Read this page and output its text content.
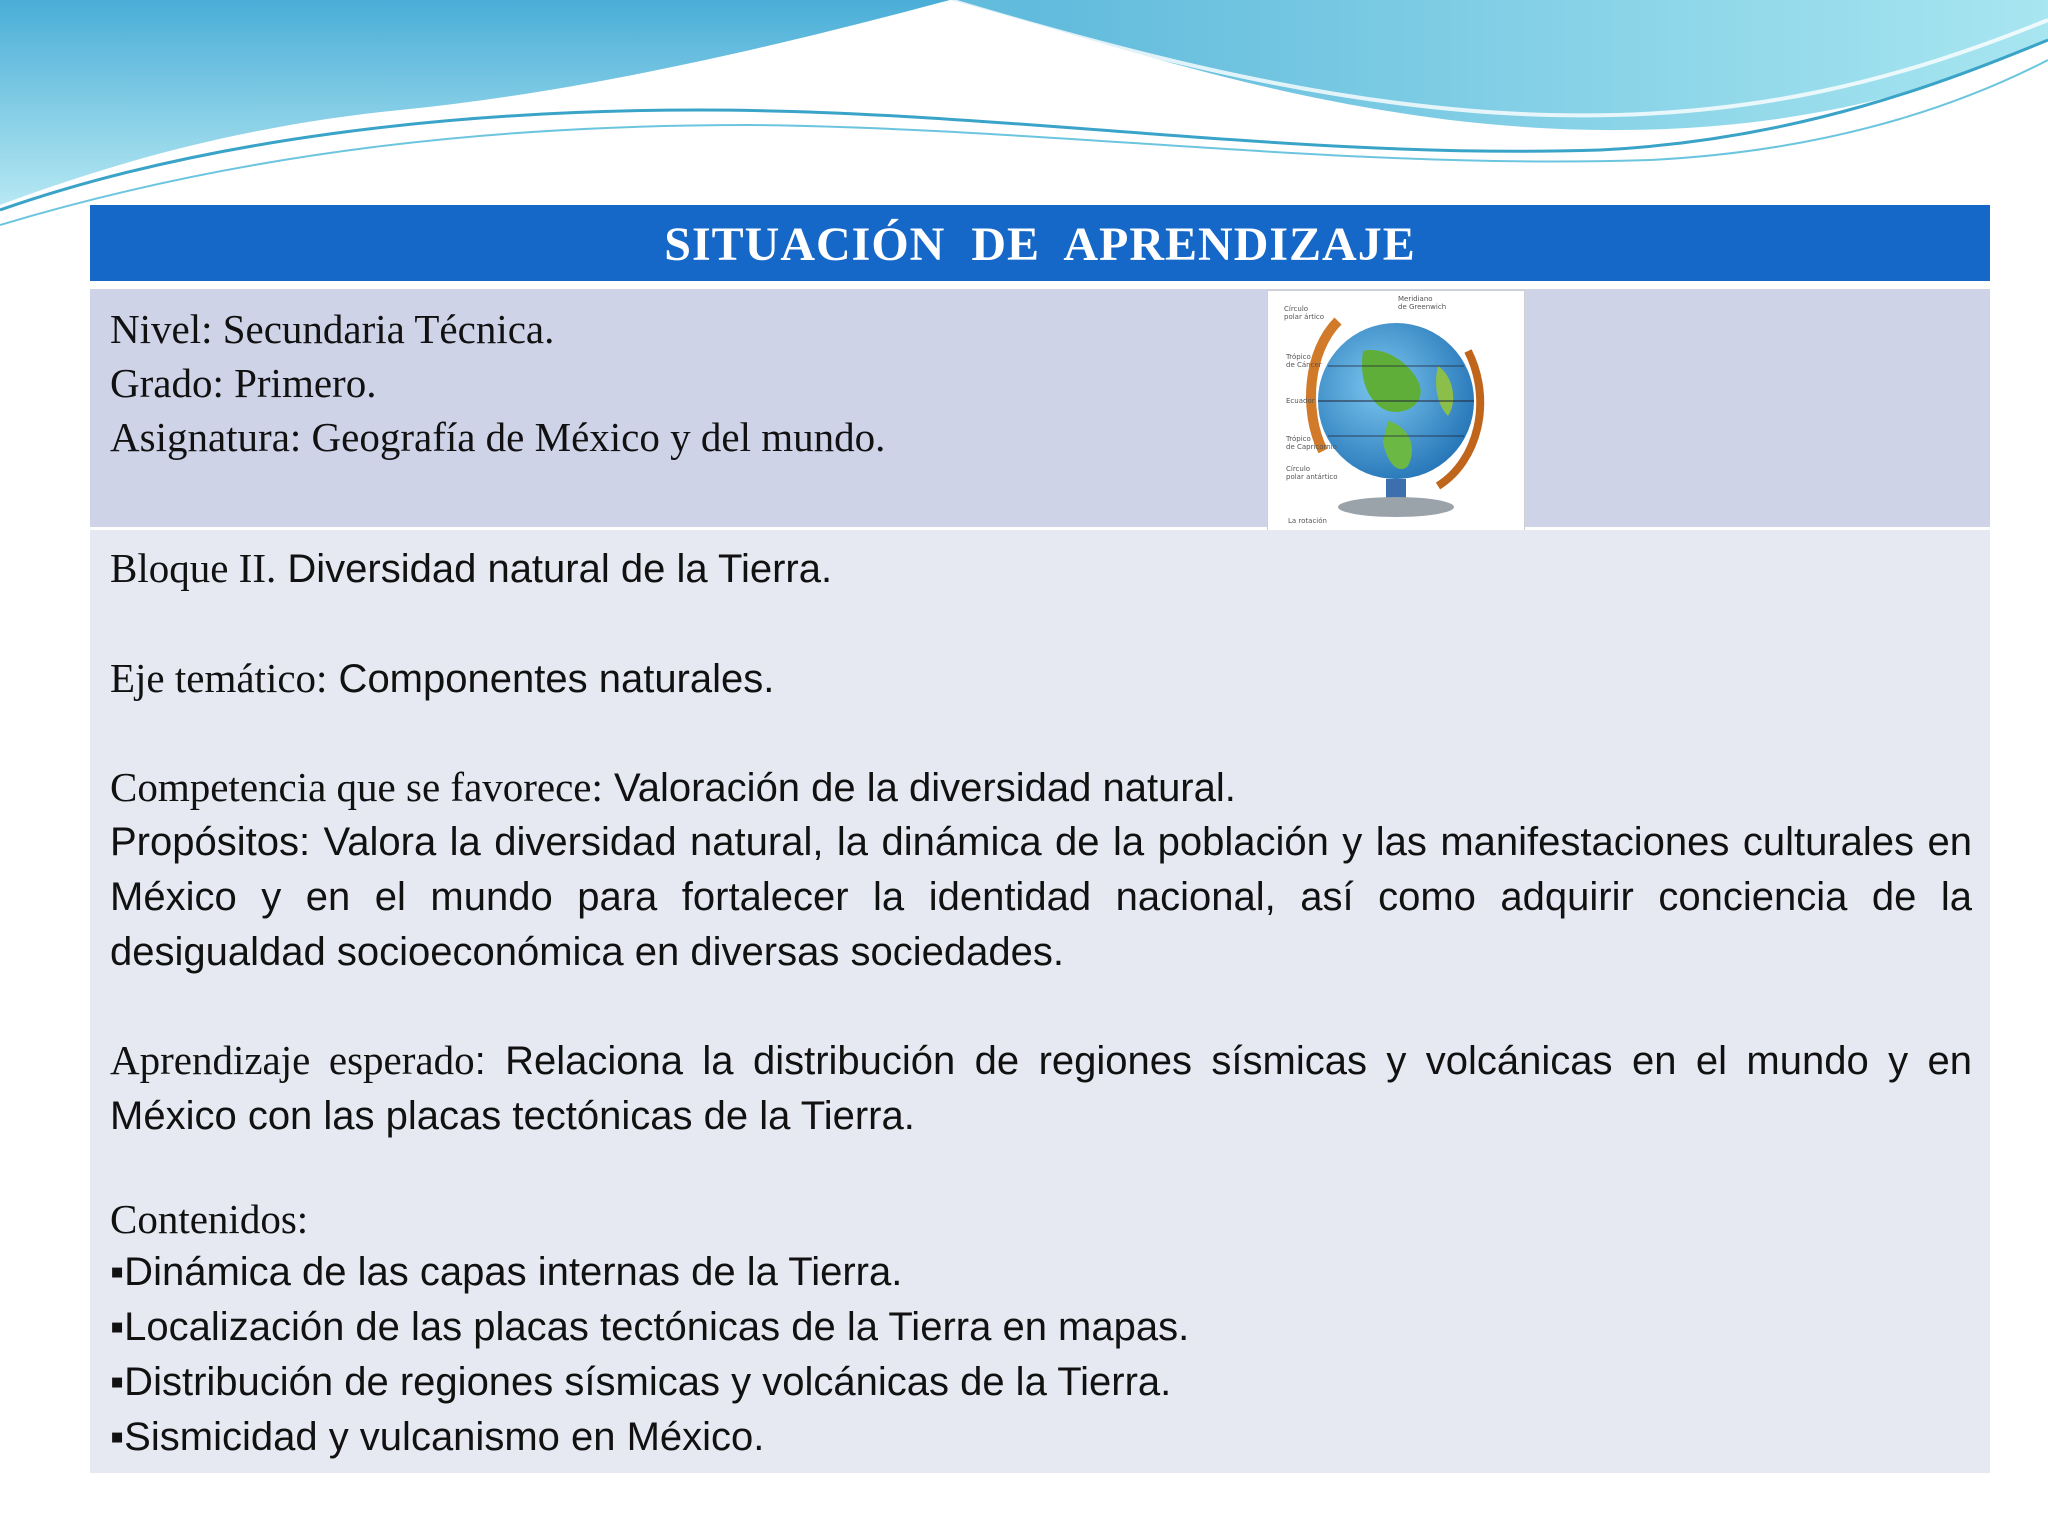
SITUACIÓN  DE  APRENDIZAJE
Nivel: Secundaria Técnica.
Grado: Primero.
Asignatura: Geografía de México y del mundo.
Círculo
polar ártico
Meridiano
de Greenwich
Trópico
de Cáncer
Ecuador
Trópico
de Capricornio
Círculo
polar antártico
La rotación
Bloque II. Diversidad natural de la Tierra.
Eje temático: Componentes naturales.
Competencia que se favorece: Valoración de la diversidad natural.
Propósitos: Valora la diversidad natural, la dinámica de la población y las manifestaciones culturales en México y en el mundo para fortalecer la identidad nacional, así como adquirir conciencia de la desigualdad socioeconómica en diversas sociedades.
Aprendizaje esperado: Relaciona la distribución de regiones sísmicas y volcánicas en el mundo y en México con las placas tectónicas de la Tierra.
Contenidos:
▪Dinámica de las capas internas de la Tierra.
▪Localización de las placas tectónicas de la Tierra en mapas.
▪Distribución de regiones sísmicas y volcánicas de la Tierra.
▪Sismicidad y vulcanismo en México.
